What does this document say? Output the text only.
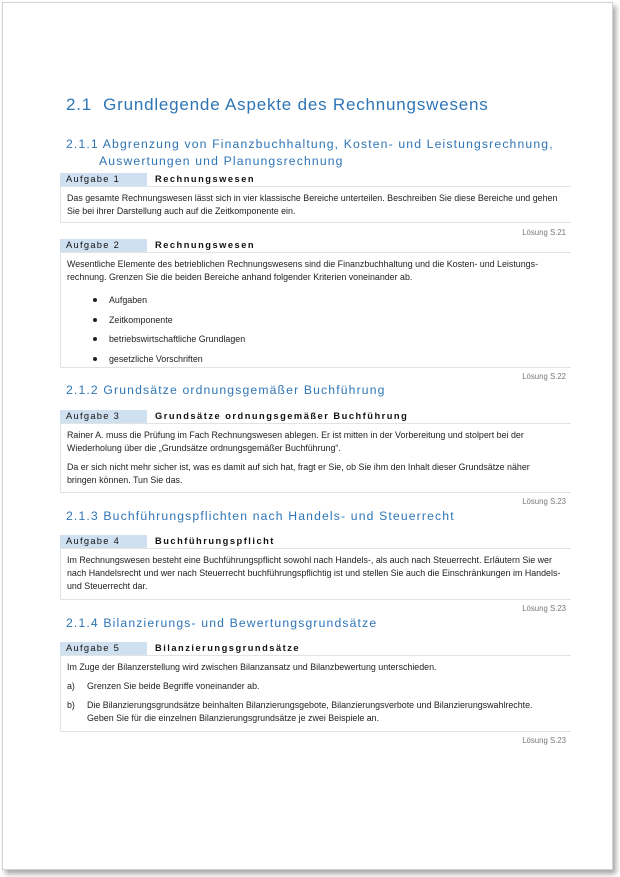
2.1 Grundlegende Aspekte des Rechnungswesens
2.1.1 Abgrenzung von Finanzbuchhaltung, Kosten- und Leistungsrechnung,
Auswertungen und Planungsrechnung
Aufgabe 1	Rechnungswesen

Das gesamte Rechnungswesen lässt sich in vier klassische Bereiche unterteilen. Beschreiben Sie diese Bereiche und gehen Sie bei ihrer Darstellung auch auf die Zeitkomponente ein.

Lösung S.21
Aufgabe 2	Rechnungswesen

Wesentliche Elemente des betrieblichen Rechnungswesens sind die Finanzbuchhaltung und die Kosten- und Leistungsrechnung. Grenzen Sie die beiden Bereiche anhand folgender Kriterien voneinander ab.

Aufgaben
Zeitkomponente
betriebswirtschaftliche Grundlagen
gesetzliche Vorschriften
Lösung S.22
2.1.2 Grundsätze ordnungsgemäßer Buchführung
Aufgabe 3	Grundsätze ordnungsgemäßer Buchführung

Rainer A. muss die Prüfung im Fach Rechnungswesen ablegen. Er ist mitten in der Vorbereitung und stolpert bei der Wiederholung über die „Grundsätze ordnungsgemäßer Buchführung“.

Da er sich nicht mehr sicher ist, was es damit auf sich hat, fragt er Sie, ob Sie ihm den Inhalt dieser Grundsätze näher bringen können. Tun Sie das.

Lösung S.23
2.1.3 Buchführungspflichten nach Handels- und Steuerrecht
Aufgabe 4	Buchführungspflicht

Im Rechnungswesen besteht eine Buchführungspflicht sowohl nach Handels-, als auch nach Steuerrecht. Erläutern Sie wer nach Handelsrecht und wer nach Steuerrecht buchführungspflichtig ist und stellen Sie auch die Einschränkungen im Handels- und Steuerrecht dar.

Lösung S.23
2.1.4 Bilanzierungs- und Bewertungsgrundsätze
Aufgabe 5	Bilanzierungsgrundsätze

Im Zuge der Bilanzerstellung wird zwischen Bilanzansatz und Bilanzbewertung unterschieden.

a) Grenzen Sie beide Begriffe voneinander ab.
b) Die Bilanzierungsgrundsätze beinhalten Bilanzierungsgebote, Bilanzierungsverbote und Bilanzierungswahlrechte. Geben Sie für die einzelnen Bilanzierungsgrundsätze je zwei Beispiele an.
Lösung S.23
